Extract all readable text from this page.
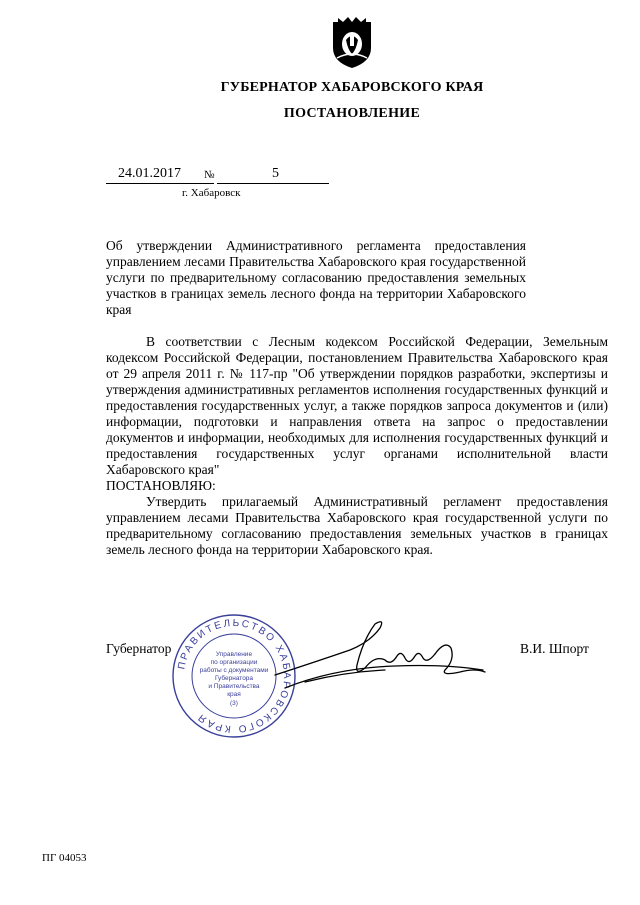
ГУБЕРНАТОР ХАБАРОВСКОГО КРАЯ
ПОСТАНОВЛЕНИЕ
24.01.2017 №	5
г. Хабаровск
Об утверждении Административного регламента предоставления управлением лесами Правительства Хабаровского края государственной услуги по предварительному согласованию предоставления земельных участков в границах земель лесного фонда на территории Хабаровского края

В соответствии с Лесным кодексом Российской Федерации, Земельным кодексом Российской Федерации, постановлением Правительства Хабаровского края от 29 апреля 2011 г. № 117-пр "Об утверждении порядков разработки, экспертизы и утверждения административных регламентов исполнения государственных функций и предоставления государственных услуг, а также порядков запроса документов и (или) информации, подготовки и направления ответа на запрос о предоставлении документов и информации, необходимых для исполнения государственных функций и предоставления государственных услуг органами исполнительной власти Хабаровского края"

ПОСТАНОВЛЯЮ:

Утвердить прилагаемый Административный регламент предоставления управлением лесами Правительства Хабаровского края государственной услуги по предварительному согласованию предоставления земельных участков в границах земель лесного фонда на территории Хабаровского края.

ПРАВИТЕЛЬСТВО ХАБАРОВСКОГО КРАЯ
Управление
по организации
работы с документами
Губернатора
и Правительства
края
(3)
Губернатор	В.И. Шпорт
ПГ 04053
